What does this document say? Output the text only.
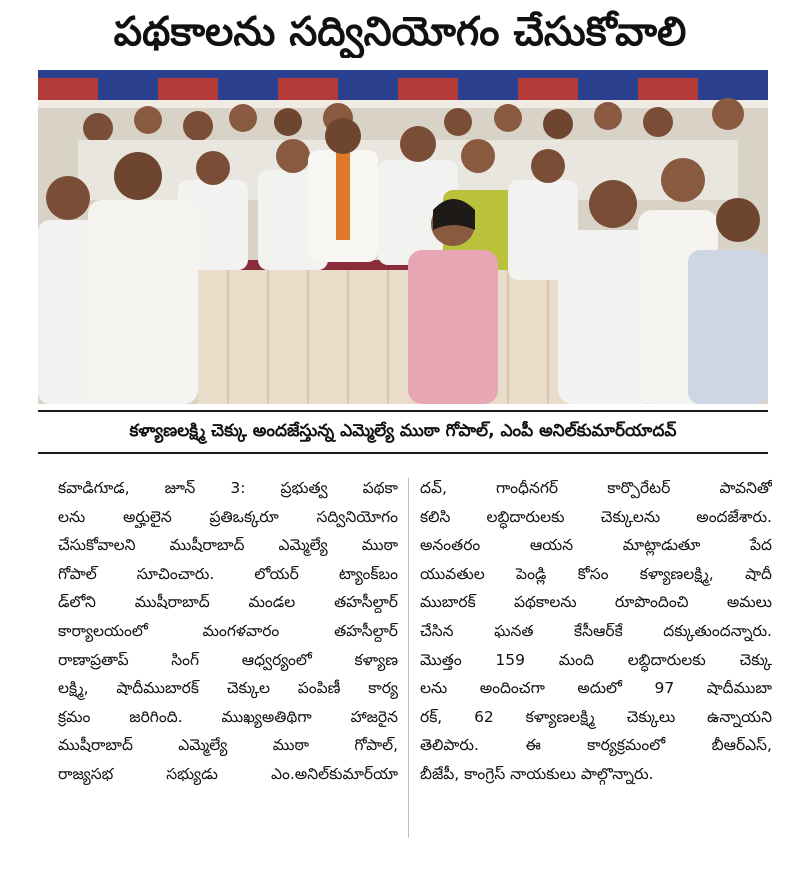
పథకాలను సద్వినియోగం చేసుకోవాలి
కళ్యాణలక్ష్మి చెక్కు అందజేస్తున్న ఎమ్మెల్యే ముఠా గోపాల్, ఎంపీ అనిల్‌కుమార్‌యాదవ్
కవాడిగూడ, జూన్ 3: ప్రభుత్వ పథకా
లను అర్హులైన ప్రతిఒక్కరూ సద్వినియోగం
చేసుకోవాలని ముషీరాబాద్ ఎమ్మెల్యే ముఠా
గోపాల్ సూచించారు. లోయర్ ట్యాంక్‌బం
డ్‌లోని ముషీరాబాద్ మండల తహసీల్దార్
కార్యాలయంలో మంగళవారం తహసీల్దార్
రాణాప్రతాప్ సింగ్ ఆధ్వర్యంలో కళ్యాణ
లక్ష్మి, షాదీముబారక్ చెక్కుల పంపిణీ కార్య
క్రమం జరిగింది. ముఖ్యఅతిథిగా హాజరైన
ముషీరాబాద్ ఎమ్మెల్యే ముఠా గోపాల్,
రాజ్యసభ సభ్యుడు ఎం.అనిల్‌కుమార్‌యా
దవ్, గాంధీనగర్ కార్పొరేటర్ పావనితో
కలిసి లబ్ధిదారులకు చెక్కులను అందజేశారు.
అనంతరం ఆయన మాట్లాడుతూ పేద
యువతుల పెండ్లి కోసం కళ్యాణలక్ష్మి, షాదీ
ముబారక్ పథకాలను రూపొందించి అమలు
చేసిన ఘనత కేసీఆర్‌కే దక్కుతుందన్నారు.
మొత్తం 159 మంది లబ్ధిదారులకు చెక్కు
లను అందించగా అదులో 97 షాదీముబా
రక్, 62 కళ్యాణలక్ష్మి చెక్కులు ఉన్నాయని
తెలిపారు. ఈ కార్యక్రమంలో బీఆర్‌ఎస్,
బీజేపీ, కాంగ్రెస్ నాయకులు పాల్గొన్నారు.
